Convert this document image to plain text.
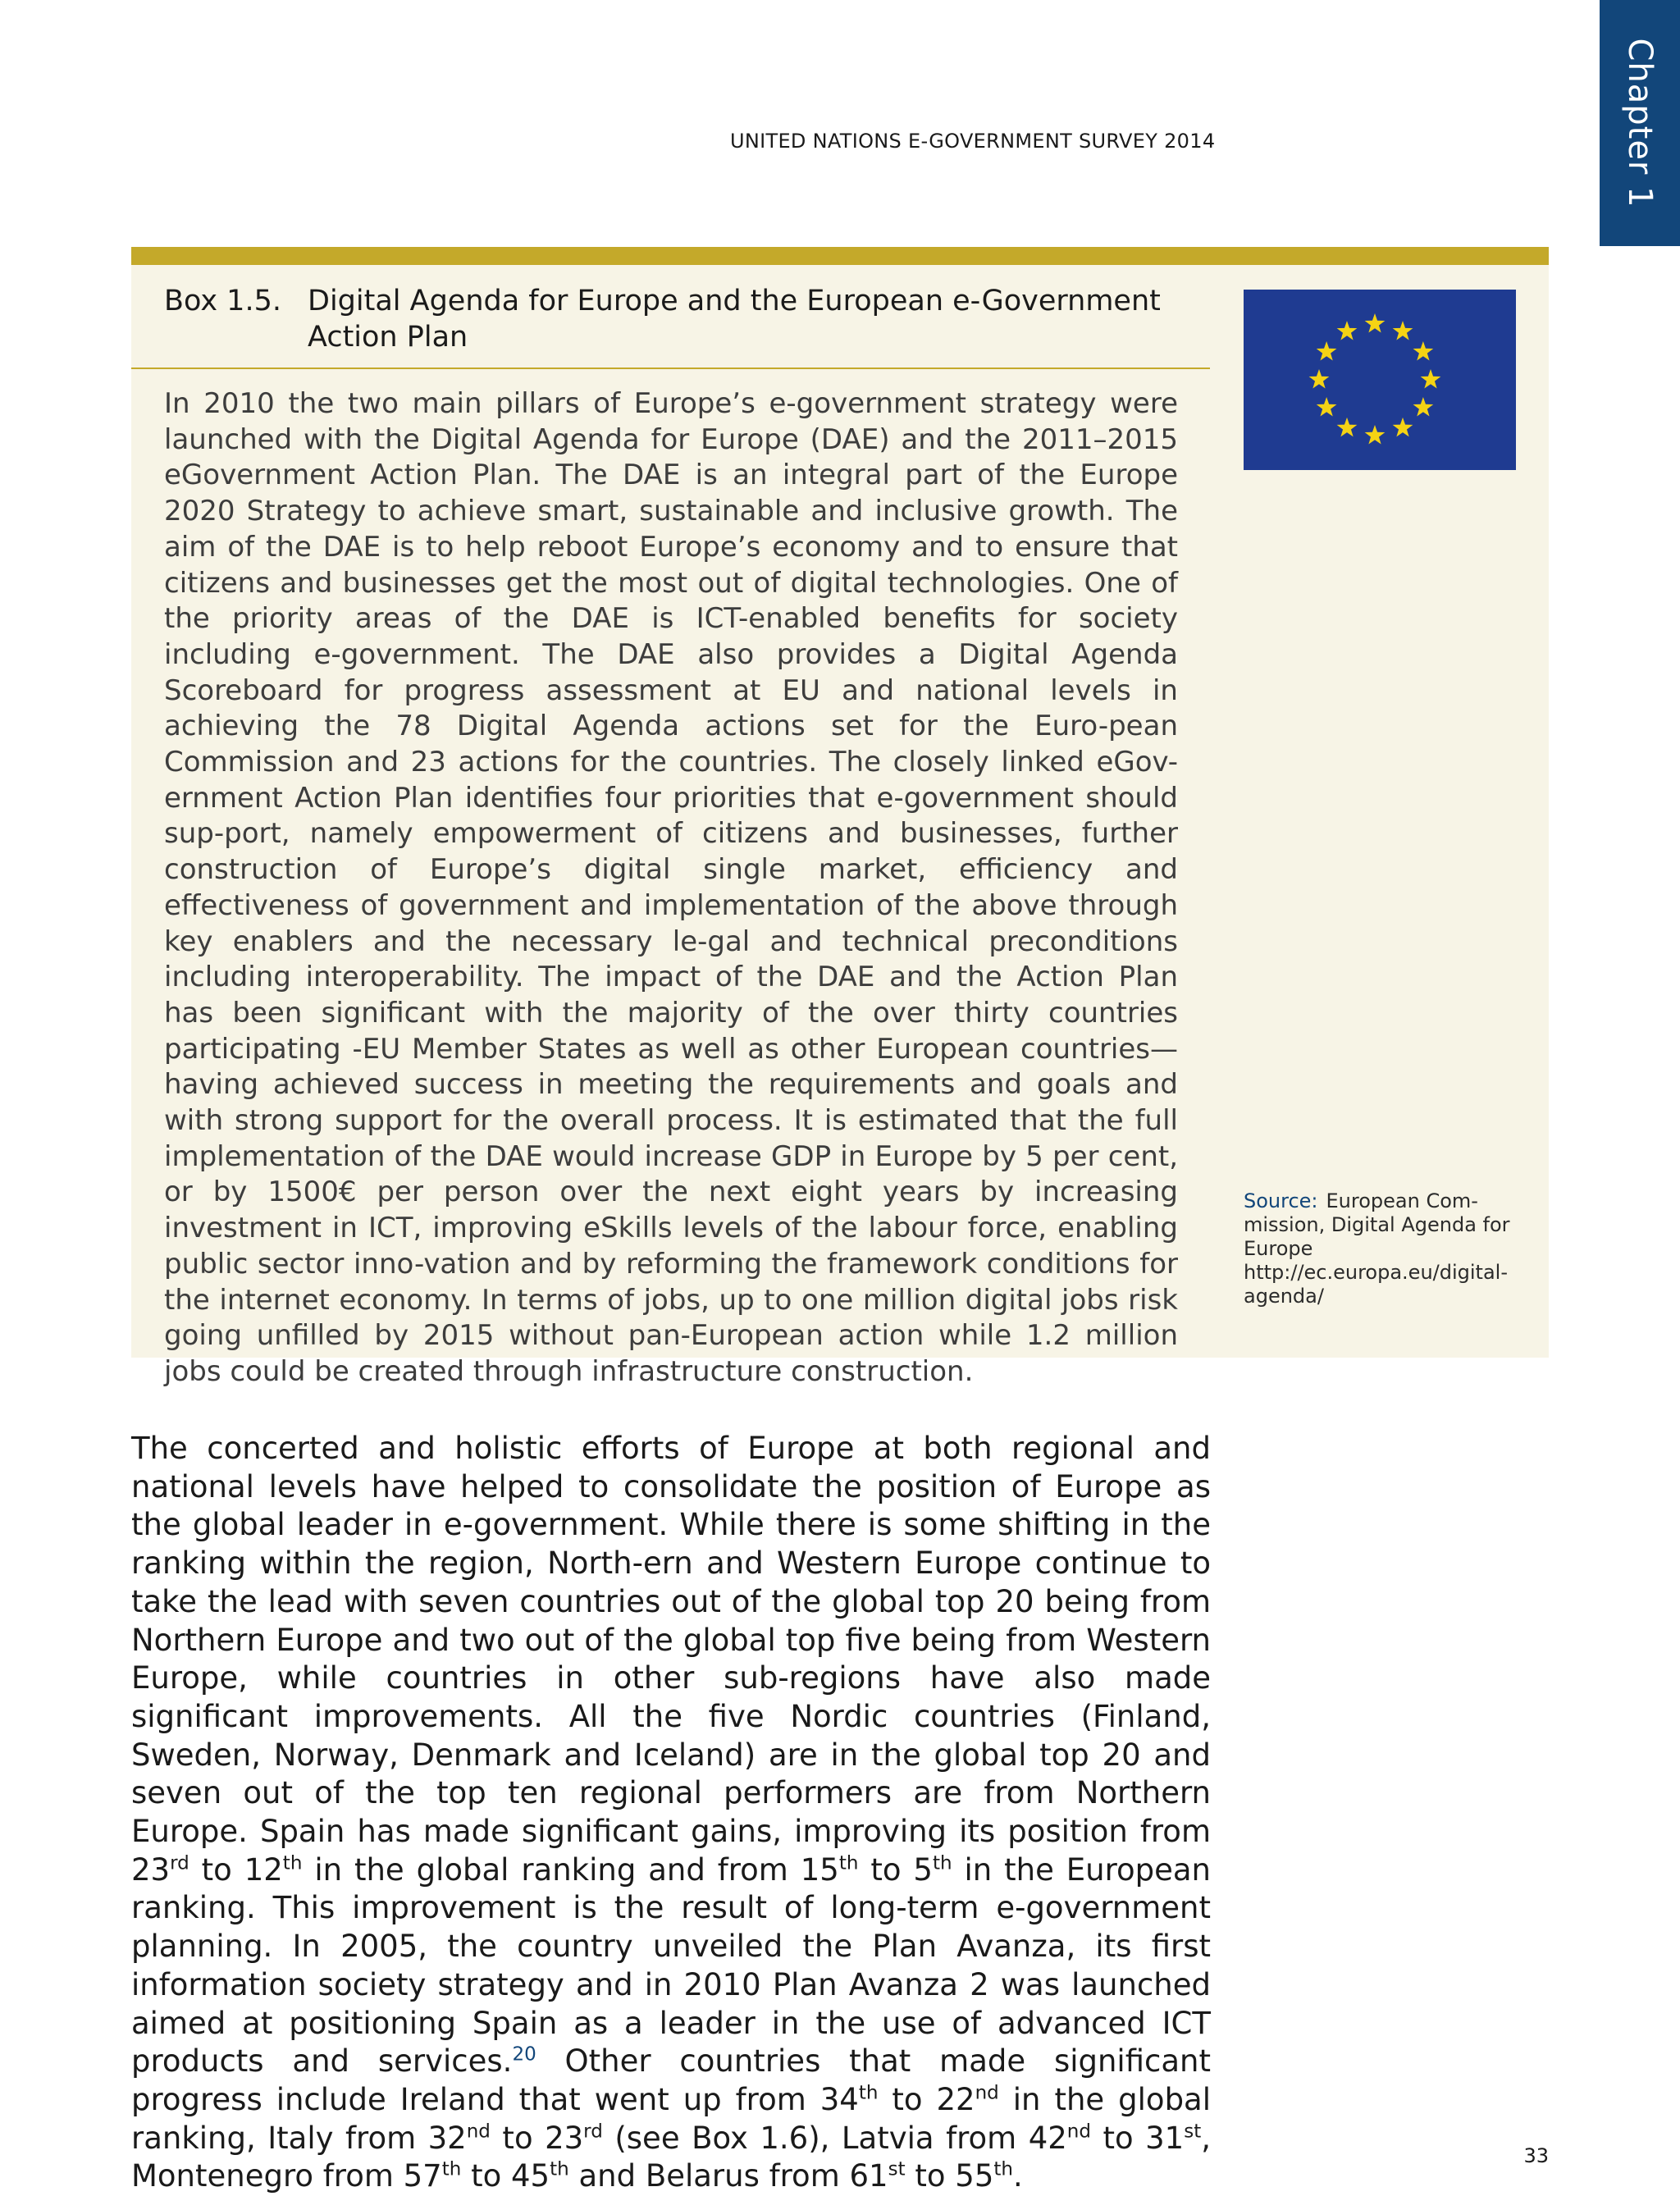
UNITED NATIONS E-GOVERNMENT SURVEY 2014	Chapter 1
Box 1.5. Digital Agenda for Europe and the European e-Government Action Plan

In 2010 the two main pillars of Europe’s e-government strategy were launched with the Digital Agenda for Europe (DAE) and the 2011–2015 eGovernment Action Plan. The DAE is an integral part of the Europe 2020 Strategy to achieve smart, sustainable and inclusive growth. The aim of the DAE is to help reboot Europe’s economy and to ensure that citizens and businesses get the most out of digital technologies. One of the priority areas of the DAE is ICT-enabled benefits for society including e-government. The DAE also provides a Digital Agenda Scoreboard for progress assessment at EU and national levels in achieving the 78 Digital Agenda actions set for the Euro-pean Commission and 23 actions for the countries. The closely linked eGov-ernment Action Plan identifies four priorities that e-government should sup-port, namely empowerment of citizens and businesses, further construction of Europe’s digital single market, efficiency and effectiveness of government and implementation of the above through key enablers and the necessary le-gal and technical preconditions including interoperability. The impact of the DAE and the Action Plan has been significant with the majority of the over thirty countries participating -EU Member States as well as other European countries—having achieved success in meeting the requirements and goals and with strong support for the overall process. It is estimated that the full implementation of the DAE would increase GDP in Europe by 5 per cent, or by 1500€ per person over the next eight years by increasing investment in ICT, improving eSkills levels of the labour force, enabling public sector inno-vation and by reforming the framework conditions for the internet economy. In terms of jobs, up to one million digital jobs risk going unfilled by 2015 without pan-European action while 1.2 million jobs could be created through infrastructure construction.

Source: European Com-mission, Digital Agenda for Europe
http://ec.europa.eu/digital-agenda/

The concerted and holistic efforts of Europe at both regional and national levels have helped to consolidate the position of Europe as the global leader in e-government. While there is some shifting in the ranking within the region, North-ern and Western Europe continue to take the lead with seven countries out of the global top 20 being from Northern Europe and two out of the global top five being from Western Europe, while countries in other sub-regions have also made significant improvements. All the five Nordic countries (Finland, Sweden, Norway, Denmark and Iceland) are in the global top 20 and seven out of the top ten regional performers are from Northern Europe. Spain has made significant gains, improving its position from 23rd to 12th in the global ranking and from 15th to 5th in the European ranking. This improvement is the result of long-term e-government planning. In 2005, the country unveiled the Plan Avanza, its first information society strategy and in 2010 Plan Avanza 2 was launched aimed at positioning Spain as a leader in the use of advanced ICT products and services.$^{20}$ Other countries that made significant progress include Ireland that went up from 34th to 22nd in the global ranking, Italy from 32nd to 23rd (see Box 1.6), Latvia from 42nd to 31st, Montenegro from 57th to 45th and Belarus from 61st to 55th.

33
